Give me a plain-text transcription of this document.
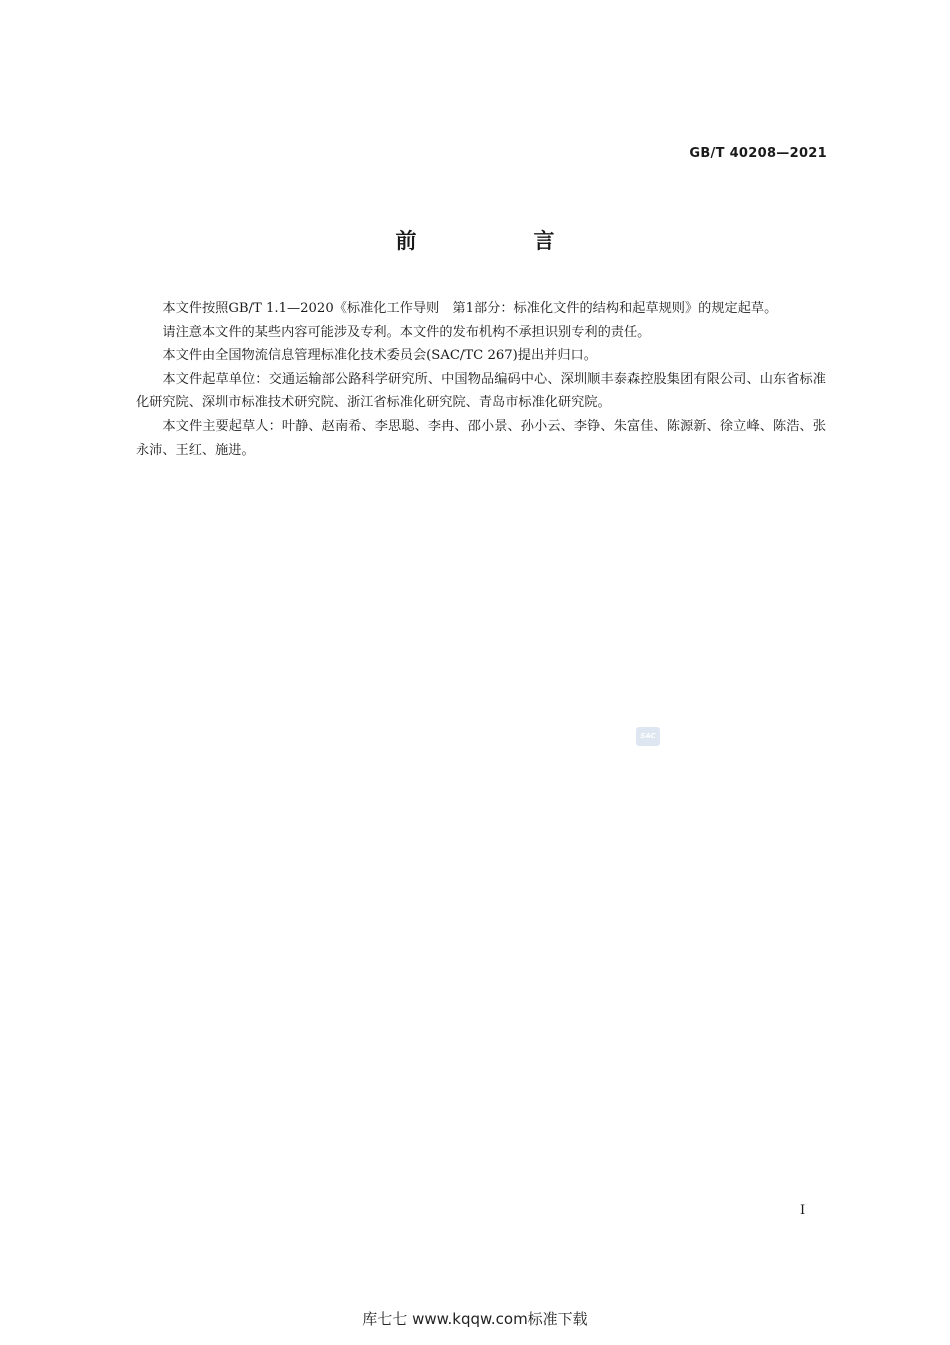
GB/T 40208—2021
前　言

本文件按照GB/T 1.1—2020《标准化工作导则　第1部分：标准化文件的结构和起草规则》的规定起草。

请注意本文件的某些内容可能涉及专利。本文件的发布机构不承担识别专利的责任。

本文件由全国物流信息管理标准化技术委员会(SAC/TC 267)提出并归口。

本文件起草单位：交通运输部公路科学研究所、中国物品编码中心、深圳顺丰泰森控股集团有限公司、山东省标准化研究院、深圳市标准技术研究院、浙江省标准化研究院、青岛市标准化研究院。

本文件主要起草人：叶静、赵南希、李思聪、李冉、邵小景、孙小云、李铮、朱富佳、陈源新、徐立峰、陈浩、张永沛、王红、施进。

SAC
I
库七七 www.kqqw.com标准下载
